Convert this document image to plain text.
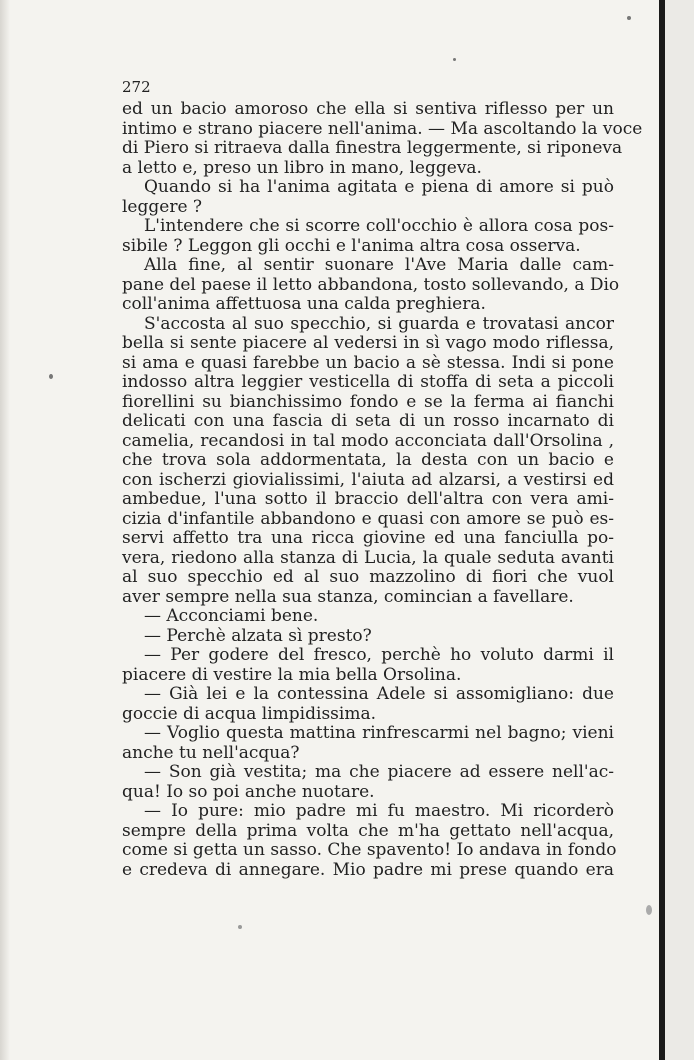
272
ed un bacio amoroso che ella si sentiva riflesso per un
intimo e strano piacere nell'anima. — Ma ascoltando la voce
di Piero si ritraeva dalla finestra leggermente, si riponeva
a letto e, preso un libro in mano, leggeva.
Quando si ha l'anima agitata e piena di amore si può
leggere ?
L'intendere che si scorre coll'occhio è allora cosa pos-
sibile ? Leggon gli occhi e l'anima altra cosa osserva.
Alla fine, al sentir suonare l'Ave Maria dalle cam-
pane del paese il letto abbandona, tosto sollevando, a Dio
coll'anima affettuosa una calda preghiera.
S'accosta al suo specchio, si guarda e trovatasi ancor
bella si sente piacere al vedersi in sì vago modo riflessa,
si ama e quasi farebbe un bacio a sè stessa. Indi si pone
indosso altra leggier vesticella di stoffa di seta a piccoli
fiorellini su bianchissimo fondo e se la ferma ai fianchi
delicati con una fascia di seta di un rosso incarnato di
camelia, recandosi in tal modo acconciata dall'Orsolina ,
che trova sola addormentata, la desta con un bacio e
con ischerzi giovialissimi, l'aiuta ad alzarsi, a vestirsi ed
ambedue, l'una sotto il braccio dell'altra con vera ami-
cizia d'infantile abbandono e quasi con amore se può es-
servi affetto tra una ricca giovine ed una fanciulla po-
vera, riedono alla stanza di Lucia, la quale seduta avanti
al suo specchio ed al suo mazzolino di fiori che vuol
aver sempre nella sua stanza, comincian a favellare.
— Acconciami bene.
— Perchè alzata sì presto?
— Per godere del fresco, perchè ho voluto darmi il
piacere di vestire la mia bella Orsolina.
— Già lei e la contessina Adele si assomigliano: due
goccie di acqua limpidissima.
— Voglio questa mattina rinfrescarmi nel bagno; vieni
anche tu nell'acqua?
— Son già vestita; ma che piacere ad essere nell'ac-
qua! Io so poi anche nuotare.
— Io pure: mio padre mi fu maestro. Mi ricorderò
sempre della prima volta che m'ha gettato nell'acqua,
come si getta un sasso. Che spavento! Io andava in fondo
e credeva di annegare. Mio padre mi prese quando era
